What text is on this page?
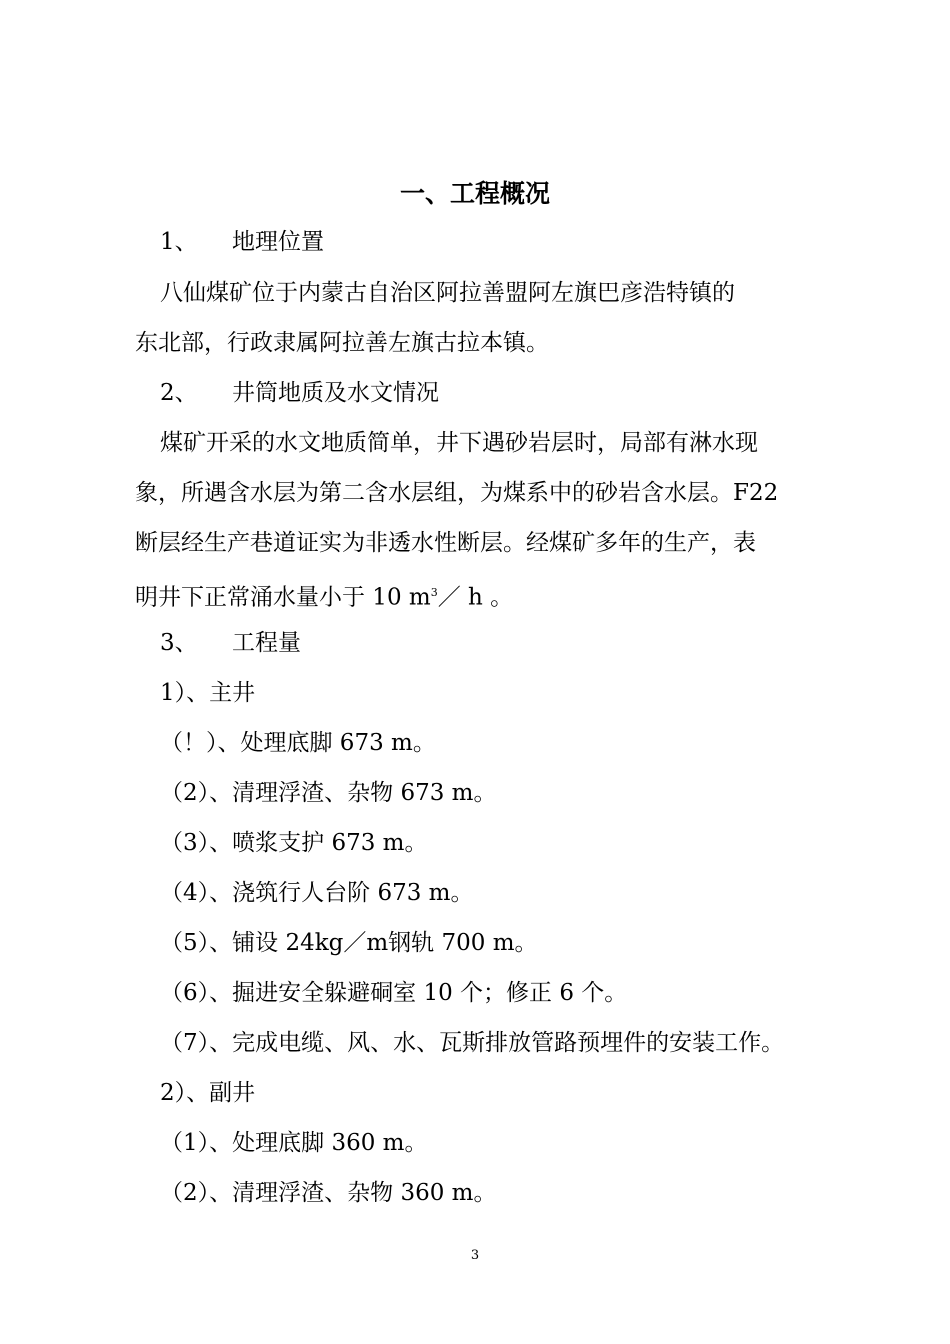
一、工程概况
1、 地理位置
八仙煤矿位于内蒙古自治区阿拉善盟阿左旗巴彦浩特镇的
东北部，行政隶属阿拉善左旗古拉本镇。
2、 井筒地质及水文情况
煤矿开采的水文地质简单，井下遇砂岩层时，局部有淋水现
象，所遇含水层为第二含水层组，为煤系中的砂岩含水层。F22
断层经生产巷道证实为非透水性断层。经煤矿多年的生产，表
明井下正常涌水量小于 10 $m^3/$ h 。
3、 工程量
1）、主井
（！）、处理底脚 673 m。
（2）、清理浮渣、杂物 673 m。
（3）、喷浆支护 673 m。
（4）、浇筑行人台阶 673 m。
（5）、铺设 24kg／m钢轨 700 m。
（6）、掘进安全躲避硐室 10 个；修正 6 个。
（7）、完成电缆、风、水、瓦斯排放管路预埋件的安装工作。
2）、副井
（1）、处理底脚 360 m。
（2）、清理浮渣、杂物 360 m。
3
